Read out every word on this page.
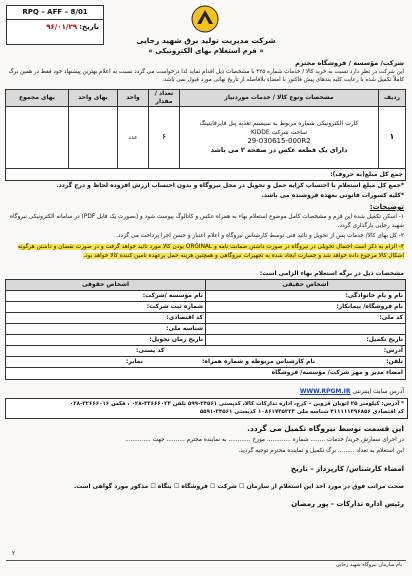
RPQ – AFF – 8/01
تاریخ: ۹۶/۰۱/۲۹
شرکت مدیریت تولید برق شهید رجایی
« فرم استعلام بهای الکترونیکی »
شرکت/ مؤسسه / فروشگاه محترم
این شرکت در نظر دارد نسبت به خرید کالا / خدمات شماره ۴۲۵ با مشخصات ذیل اقدام نماید لذا درخواست می گردد نسبت به اعلام بهترین پیشنهاد خود فقط در همین برگ کاملاً تکمیل شده با رعایت کلیه بندهای پیش فاکتور با امضاء بلافاصله از تاریخ نهائی مورد قبول نمی باشد.
ردیف	مشخصات ونوع کالا / خدمات موردنیاز	تعداد / مقدار	واحد	بهای واحد	بهای مجموع
۱	کارت الکترونیکی شماره مربوط به سیستم تغذیه پنل فایرفایتینگ
ساخت شرکت KIDDE
29-030615-000R2
دارای یک قطعه عکس در صفحه ۲ می باشد	۶	عدد		
جمع کل مبلغ(به حروف):					
*جمع کل مبلغ استعلام با احتساب کرایه حمل و تحویل در محل نیروگاه و بدون احتساب ارزش افزوده لحاظ و درج گردد.
*کلیه کسورات قانونی بعهده فروشنده می باشد.
توضیحات:
۱- اسکن تکمیل شده این فرم و مشخصات کامل موضوع استعلام بهاء به همراه عکس و کاتالوگ پیوست شود و (بصورت یک فایل PDF) در سامانه الکترونیکی نیروگاه شهید رجایی بارگذاری گردد.
۲- کل بهای کالا/ خدمات پس از تحویل و تائید فنی توسط کارشناس نیروگاه و اعلام اعتبار و حسن اجرا پرداخت می گردد.
۳- الزام به ذکر است احتمال تحویلی در نیروگاه در صورت داشتن ضمانت نامه و ORGINAL بودن کالا مورد تائید خواهد گرفت و در صورت نقصان و داشتن هرگونه اشکال کالا مرجوع داده خواهد شد و خسارت ایجاد شده به تجهیزات نیروگاهی و همچنین هزینه حمل برعهده تامین کننده کالا خواهد بود.
مشخصات ذیل در برگه استعلام بهاء الزامی است:
اشخاص حقیقی	اشخاص حقوقی
نام و نام خانوادگی:	نام مؤسسه /شرکت:
نام فروشگاه/ پیمانکار:	شماره ثبت شرکت:
کد ملی:	کد اقتصادی:
	شناسه ملی:
تاریخ تکمیل:	تاریخ زمان تحویل:
آدرس:
کد پستی:	

تلفن:
نام کارشناس مربوطه و شماره همراه:
نمابر:	

امضاء مدیر و مهر شرکت/ مؤسسه/ فروشگاه	
آدرس سایت اینترنتی WWW.RPGM.IR
* آدرس: کیلومتر ۲۵ اتوبان قزوین – کرج، اداره تدارکات کالا، کدپستی ۳۴۵۶۱-۵۹۹ تلفن ۳۲۶۶۶۰۲۴-۰۲۸ ، فکس ۳۲۶۶۶۰۱۶-۰۲۸
کد اقتصادی ۴۱۱۱۱۱۴۹۶۸۵۶ شناسه ملی ۱۰۸۶۱۷۴۵۲۲۳ کدپستی ۳۴۵۶۱-۵۵۹۱
این قسمت توسط نیروگاه تکمیل می گردد.
در اجرای سفارش خرید/ خدمات ........ شماره ............. مورخ ............ به نماینده محترم .......... جهت ..............
این استعلام به تعداد ......... برگ تکمیل و نماینده محترم توجیه گردید.
امضاء کارشناس/ کارپرداز – تاریخ
صحت مراتب فوق در مورد اخذ این استعلام از سازمان ☐ شرکت ☐ فروشگاه ☐ بنگاه ☐ مذکور مورد گواهی است.
رئیس اداره تدارکات - پور رمضان
۲
نام سازمان نیروگاه شهید رجایی
